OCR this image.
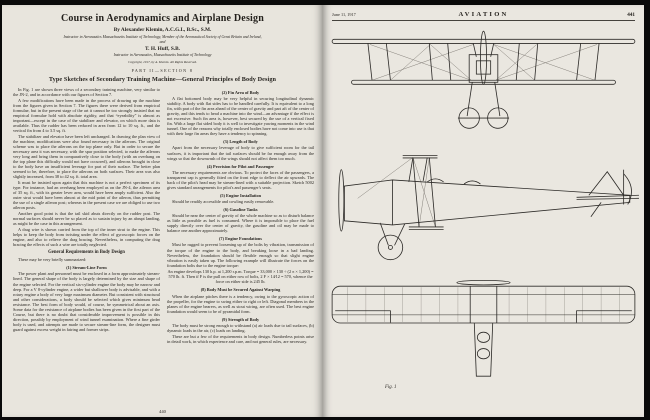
Course in Aerodynamics and Airplane Design
By Alexander Klemin, A.C.G.I., B.Sc., S.M.
Instructor in Aeronautics Massachusetts Institute of Technology, Member of the Aeronautical Society of Great Britain and Ireland,
and
T. H. Huff, S.B.
Instructor in Aeronautics, Massachusetts Institute of Technology
Copyright, 1917, by A. Klemin. All Rights Reserved.
PART II—SECTION 8
Type Sketches of Secondary Training Machine—General Principles of Body Design

In Fig. 1 are shown three views of a secondary training machine, very similar to the JN-2, and in accordance with our figures of Section 7.

A few modifications have been made in the process of drawing up the machine from the figures given in Section 7. The figures there were derived from empirical formulae, but in the present stage of the art it cannot be too strongly insisted that no empirical formulae hold with absolute rigidity, and that “eyeability” is almost as important—except in the case of the stabilizer and elevator, on which more data is available. Thus the rudder has been reduced in area from 12 to 10 sq. ft., and the vertical fin from 4 to 3.5 sq. ft.

The stabilizer and elevator have been left unchanged. In drawing the plan view of the machine, modifications were also found necessary in the ailerons. The original scheme was to place the ailerons on the top plane only. But in order to secure the necessary area it was necessary, with the spar position selected, to make the ailerons very long and bring them in comparatively close to the body (with an overhang on the top plane this difficulty would not have occurred), and ailerons brought in close to the body have an insufficient leverage for part of their surface. The better plan seemed to be, therefore, to place the ailerons on both surfaces. Their area was also slightly increased, from 38 to 42 sq. ft. total area.

It must be insisted upon again that this machine is not a perfect specimen of its type. For instance, had an overhang been employed as on the JN-4, the aileron area of 35 sq. ft., with its greater lever arm, would have been amply sufficient. Also the outer strut would have been almost at the mid point of the aileron, thus permitting the use of a single aileron post; whereas in the present case we are obliged to use two aileron posts.

Another good point is that the tail skid abuts directly on the rudder post. The normal surfaces should never be so placed as to sustain injury by an abrupt landing, as might be the case in this arrangement.

A drag wire is shown carried from the top of the inner strut to the engine. This helps to keep the body from twisting under the effect of gyroscopic forces on the engine, and also to relieve the drag bracing. Nevertheless, in computing the drag bracing the effects of such a wire are totally neglected.

General Requirements in Body Design

These may be very briefly summarized:

(1) Stream-Line Form

The power plant and personnel must be enclosed in a form approximately stream-lined. The general shape of the body is largely determined by the size and shape of the engine selected. For the vertical six-cylinder engine the body may be narrow and deep. For a V 8-cylinder engine, a wider but shallower body is advisable, and with a rotary engine a body of very large maximum diameter. But consistent with structural and other considerations, a body should be selected which gives minimum head resistance. The best form of body would, of course, be symmetrical about an axis. Some data for the resistance of airplane bodies has been given in the first part of the Course, but there is no doubt that considerable improvement is possible in this direction, possibly by employment of wind tunnel examination. Where a fine girder body is used, and attempts are made to secure stream-line form, the designer must guard against excess weight in fairing and former strips.

(2) Fin Area of Body

A flat bottomed body may be very helpful in securing longitudinal dynamic stability. A body with flat sides has to be handled carefully. It is equivalent to a long fin, with part of the fin area ahead of the center of gravity and part aft of the center of gravity, and this tends to head a machine into the wind—an advantage if the effect is not excessive. Such fin area is, however, best secured by the use of a vertical fixed fin. With a large flat sided body it is well to investigate yawing moments in the wind tunnel. One of the reasons why totally enclosed bodies have not come into use is that with their large fin areas they have a tendency to spinning.

(3) Length of Body

Apart from the necessary leverage of body to give sufficient room for the tail surfaces, it is important that the tail surfaces should be far enough away from the wings so that the downwash of the wings should not affect them too much.

(4) Provision for Pilot and Passenger

The necessary requirements are obvious. To protect the faces of the passengers, a transparent cap is generally fitted on the front edge to deflect the air upwards. The back of the pilot's head may be stream-lined with a suitable projection. Sketch 5002 gives standard arrangements for pilot's and passenger's seats.

(5) Engine Installation

Should be readily accessible and cowling easily removable.

(6) Gasoline Tanks

Should be near the center of gravity of the whole machine so as to disturb balance as little as possible as fuel is consumed. Where it is impossible to place the fuel supply directly over the center of gravity, the gasoline and oil may be made to balance one another approximately.

(7) Engine Foundations

Must be rugged to prevent loosening up of the bolts by vibration, transmission of the torque of the engine to the body, and breaking loose in a bad landing. Nevertheless, the foundation should be flexible enough so that slight engine vibration is easily taken up. The following example will illustrate the forces on the foundation bolts due to the engine torque:

An engine develops 130 h.p. at 1,200 r.p.m. Torque = 33,000 × 130 ÷ (2 π × 1,200) = 570 lb. ft. Then if F is the pull on either row of bolts, 2 F × 14⁄12 = 570, whence the force on either side is 245 lb.

(8) Body Must be Secured Against Warping

When the airplane pitches there is a tendency, owing to the gyroscopic action of the propeller, for the engine to swing either to right or left. Diagonal members in the planes of the engine bearers, as well as stout wiring, are often used. The best engine foundation would seem to be of pyramidal form.

(9) Strength of Body

The body must be strong enough to withstand (a) air loads due to tail surfaces, (b) dynamic loads in the air, (c) loads on landing.

These are but a few of the requirements in body design. Numberless points arise in detail work, in which experience and care, and not general rules, are necessary.

440
June 11, 1917	AVIATION	441
Fig. 1
